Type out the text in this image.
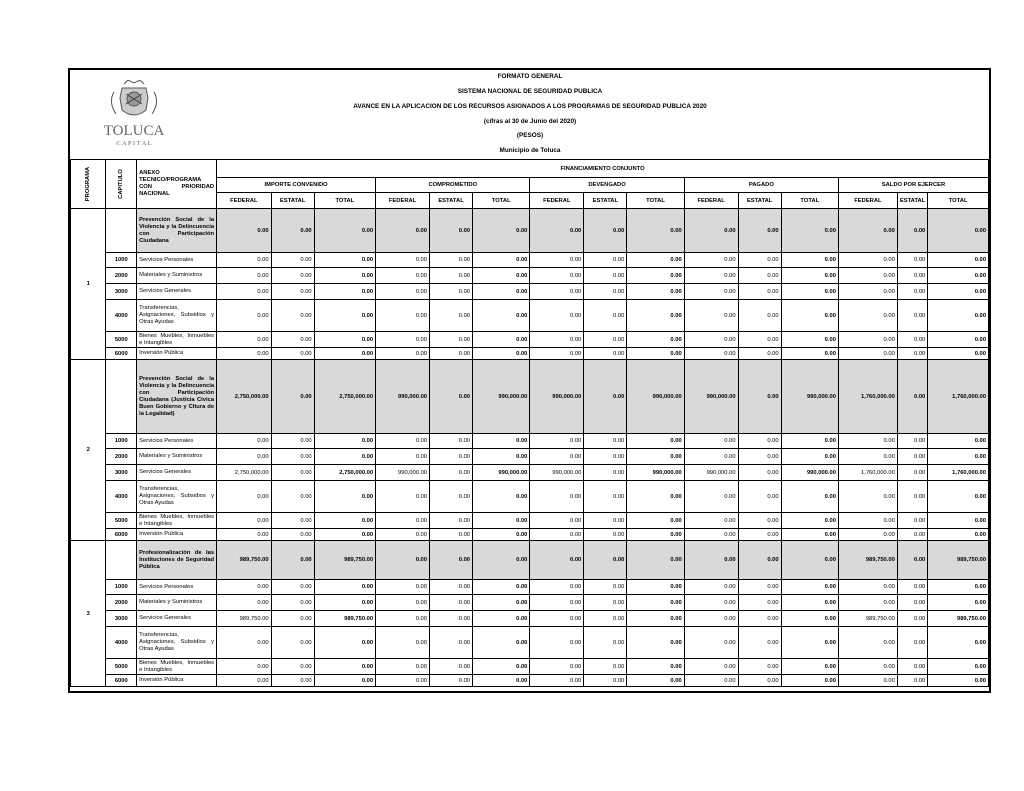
TOLUCA
C A P I T A L
FORMATO GENERAL
SISTEMA NACIONAL DE SEGURIDAD PUBLICA
AVANCE EN LA APLICACION DE LOS RECURSOS ASIGNADOS A LOS PROGRAMAS DE SEGURIDAD PUBLICA 2020
(cifras al 30 de Junio del 2020)
(PESOS)
Municipio de Toluca
PROGRAMA	CAPITULO	ANEXO TECNICO/PROGRAMA CON PRIORIDAD NACIONAL	FINANCIAMIENTO CONJUNTO														
			IMPORTE CONVENIDO			COMPROMETIDO			DEVENGADO			PAGADO			SALDO POR EJERCER		
			FEDERAL	ESTATAL	TOTAL	FEDERAL	ESTATAL	TOTAL	FEDERAL	ESTATAL	TOTAL	FEDERAL	ESTATAL	TOTAL	FEDERAL	ESTATAL	TOTAL
1		Prevención Social de la Violencia y la Delincuencia con Participación Ciudadana	0.00	0.00	0.00	0.00	0.00	0.00	0.00	0.00	0.00	0.00	0.00	0.00	0.00	0.00	0.00
	1000	Servicios Personales	0.00	0.00	0.00	0.00	0.00	0.00	0.00	0.00	0.00	0.00	0.00	0.00	0.00	0.00	0.00
	2000	Materiales y Suministros	0.00	0.00	0.00	0.00	0.00	0.00	0.00	0.00	0.00	0.00	0.00	0.00	0.00	0.00	0.00
	3000	Servicios Generales	0.00	0.00	0.00	0.00	0.00	0.00	0.00	0.00	0.00	0.00	0.00	0.00	0.00	0.00	0.00
	4000	Transferencias, Asignaciones, Subsidios y Otras Ayudas	0.00	0.00	0.00	0.00	0.00	0.00	0.00	0.00	0.00	0.00	0.00	0.00	0.00	0.00	0.00
	5000	Bienes Muebles, Inmuebles e Intangibles	0.00	0.00	0.00	0.00	0.00	0.00	0.00	0.00	0.00	0.00	0.00	0.00	0.00	0.00	0.00
	6000	Inversión Pública	0.00	0.00	0.00	0.00	0.00	0.00	0.00	0.00	0.00	0.00	0.00	0.00	0.00	0.00	0.00
2		Prevención Social de la Violencia y la Delincuencia con Participación Ciudadana (Justicia Cívica Buen Gobierno y Cltura de la Legalidad)	2,750,000.00	0.00	2,750,000.00	990,000.00	0.00	990,000.00	990,000.00	0.00	990,000.00	990,000.00	0.00	990,000.00	1,760,000.00	0.00	1,760,000.00
	1000	Servicios Personales	0.00	0.00	0.00	0.00	0.00	0.00	0.00	0.00	0.00	0.00	0.00	0.00	0.00	0.00	0.00
	2000	Materiales y Suministros	0.00	0.00	0.00	0.00	0.00	0.00	0.00	0.00	0.00	0.00	0.00	0.00	0.00	0.00	0.00
	3000	Servicios Generales	2,750,000.00	0.00	2,750,000.00	990,000.00	0.00	990,000.00	990,000.00	0.00	990,000.00	990,000.00	0.00	990,000.00	1,760,000.00	0.00	1,760,000.00
	4000	Transferencias, Asignaciones, Subsidios y Otras Ayudas	0.00	0.00	0.00	0.00	0.00	0.00	0.00	0.00	0.00	0.00	0.00	0.00	0.00	0.00	0.00
	5000	Bienes Muebles, Inmuebles e Intangibles	0.00	0.00	0.00	0.00	0.00	0.00	0.00	0.00	0.00	0.00	0.00	0.00	0.00	0.00	0.00
	6000	Inversión Pública	0.00	0.00	0.00	0.00	0.00	0.00	0.00	0.00	0.00	0.00	0.00	0.00	0.00	0.00	0.00
3		Profesionalización de las Instituciones de Seguridad Pública	989,750.00	0.00	989,750.00	0.00	0.00	0.00	0.00	0.00	0.00	0.00	0.00	0.00	989,750.00	0.00	989,750.00
	1000	Servicios Personales	0.00	0.00	0.00	0.00	0.00	0.00	0.00	0.00	0.00	0.00	0.00	0.00	0.00	0.00	0.00
	2000	Materiales y Suministros	0.00	0.00	0.00	0.00	0.00	0.00	0.00	0.00	0.00	0.00	0.00	0.00	0.00	0.00	0.00
	3000	Servicios Generales	989,750.00	0.00	989,750.00	0.00	0.00	0.00	0.00	0.00	0.00	0.00	0.00	0.00	989,750.00	0.00	989,750.00
	4000	Transferencias, Asignaciones, Subsidios y Otras Ayudas	0.00	0.00	0.00	0.00	0.00	0.00	0.00	0.00	0.00	0.00	0.00	0.00	0.00	0.00	0.00
	5000	Bienes Muebles, Inmuebles e Intangibles	0.00	0.00	0.00	0.00	0.00	0.00	0.00	0.00	0.00	0.00	0.00	0.00	0.00	0.00	0.00
	6000	Inversión Pública	0.00	0.00	0.00	0.00	0.00	0.00	0.00	0.00	0.00	0.00	0.00	0.00	0.00	0.00	0.00
